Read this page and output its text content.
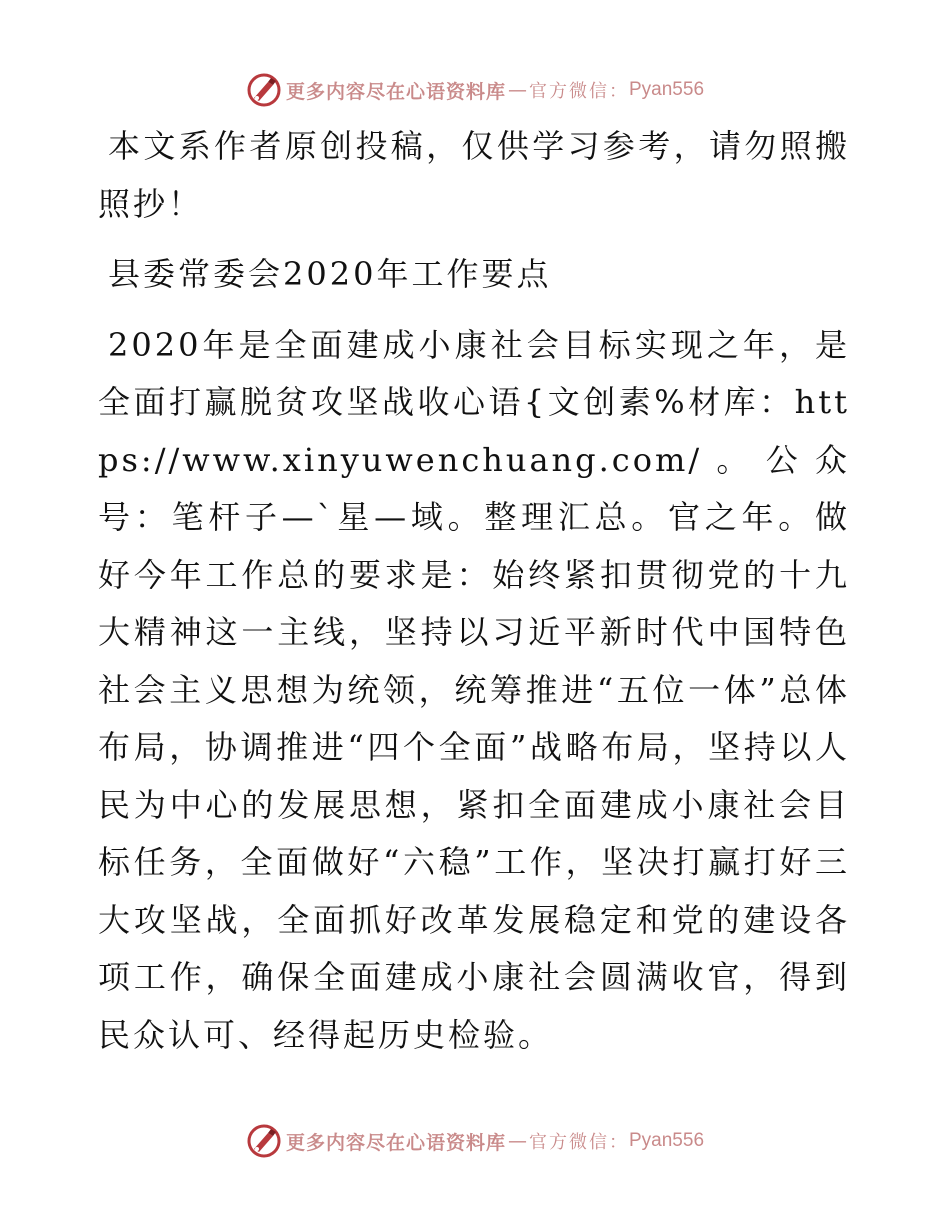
更多内容尽在心语资料库 — 官方微信： Pyan556

本文系作者原创投稿，仅供学习参考，请勿照搬照抄！

县委常委会2020年工作要点

2020年是全面建成小康社会目标实现之年，是全面打赢脱贫攻坚战收心语{文创素%材库：https://www.xinyuwenchuang.com/。公众号：笔杆子—`星—域。整理汇总。官之年。做好今年工作总的要求是：始终紧扣贯彻党的十九大精神这一主线，坚持以习近平新时代中国特色社会主义思想为统领，统筹推进“五位一体”总体布局，协调推进“四个全面”战略布局，坚持以人民为中心的发展思想，紧扣全面建成小康社会目标任务，全面做好“六稳”工作，坚决打赢打好三大攻坚战，全面抓好改革发展稳定和党的建设各项工作，确保全面建成小康社会圆满收官，得到民众认可、经得起历史检验。

更多内容尽在心语资料库 — 官方微信： Pyan556
